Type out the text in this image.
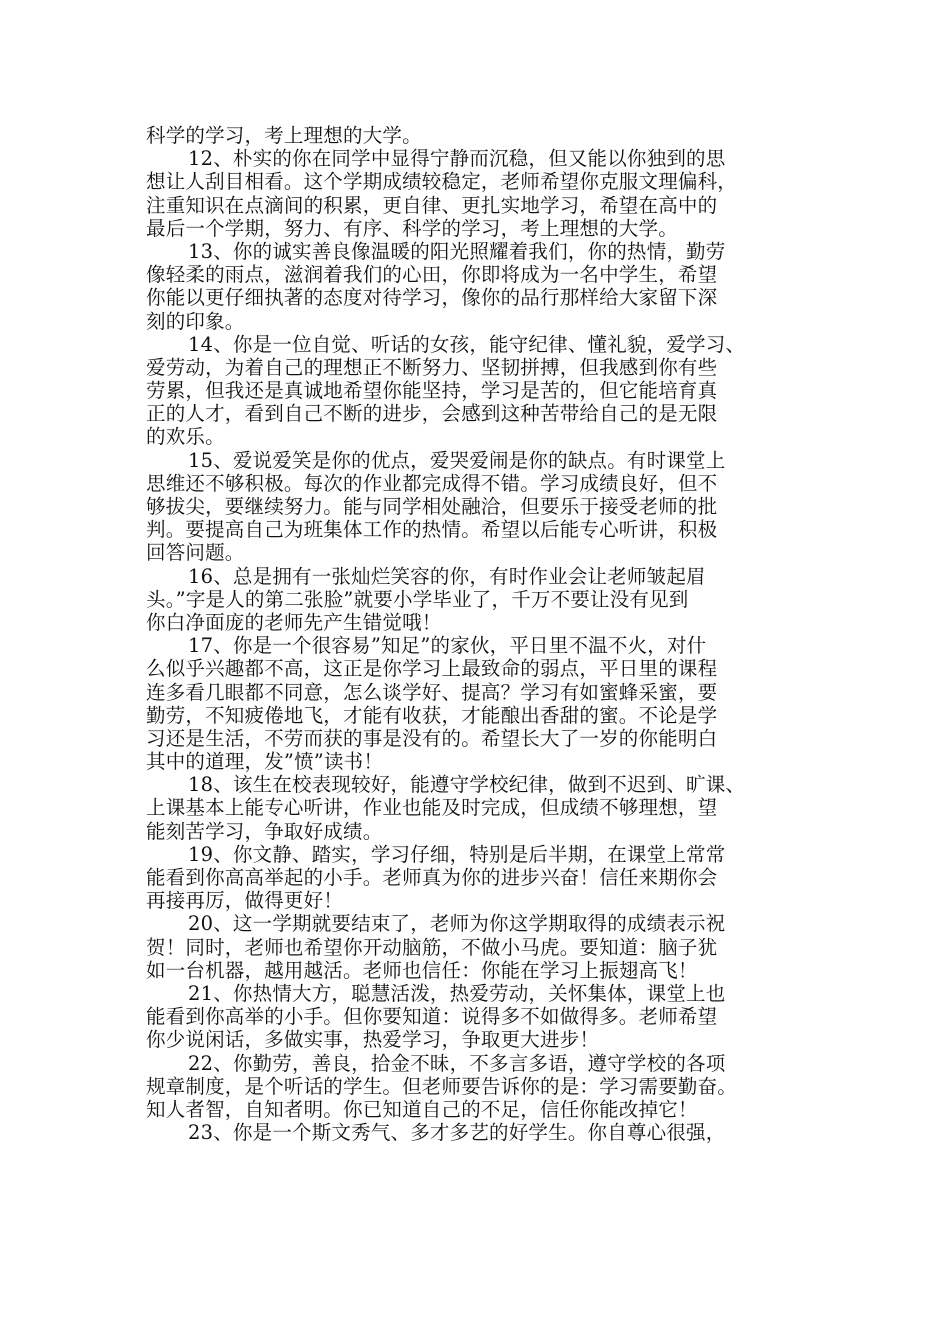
科学的学习，考上理想的大学。
12、朴实的你在同学中显得宁静而沉稳，但又能以你独到的思
想让人刮目相看。这个学期成绩较稳定，老师希望你克服文理偏科，
注重知识在点滴间的积累，更自律、更扎实地学习，希望在高中的
最后一个学期，努力、有序、科学的学习，考上理想的大学。
13、你的诚实善良像温暖的阳光照耀着我们，你的热情，勤劳
像轻柔的雨点，滋润着我们的心田，你即将成为一名中学生，希望
你能以更仔细执著的态度对待学习，像你的品行那样给大家留下深
刻的印象。
14、你是一位自觉、听话的女孩，能守纪律、懂礼貌，爱学习、
爱劳动，为着自己的理想正不断努力、坚韧拼搏，但我感到你有些
劳累，但我还是真诚地希望你能坚持，学习是苦的，但它能培育真
正的人才，看到自己不断的进步，会感到这种苦带给自己的是无限
的欢乐。
15、爱说爱笑是你的优点，爱哭爱闹是你的缺点。有时课堂上
思维还不够积极。每次的作业都完成得不错。学习成绩良好，但不
够拔尖，要继续努力。能与同学相处融洽，但要乐于接受老师的批
判。要提高自己为班集体工作的热情。希望以后能专心听讲，积极
回答问题。
16、总是拥有一张灿烂笑容的你，有时作业会让老师皱起眉
头。”字是人的第二张脸”就要小学毕业了，千万不要让没有见到
你白净面庞的老师先产生错觉哦！
17、你是一个很容易”知足”的家伙，平日里不温不火，对什
么似乎兴趣都不高，这正是你学习上最致命的弱点，平日里的课程
连多看几眼都不同意，怎么谈学好、提高？学习有如蜜蜂采蜜，要
勤劳，不知疲倦地飞，才能有收获，才能酿出香甜的蜜。不论是学
习还是生活，不劳而获的事是没有的。希望长大了一岁的你能明白
其中的道理，发”愤”读书！
18、该生在校表现较好，能遵守学校纪律，做到不迟到、旷课、
上课基本上能专心听讲，作业也能及时完成，但成绩不够理想，望
能刻苦学习，争取好成绩。
19、你文静、踏实，学习仔细，特别是后半期，在课堂上常常
能看到你高高举起的小手。老师真为你的进步兴奋！信任来期你会
再接再厉，做得更好！
20、这一学期就要结束了，老师为你这学期取得的成绩表示祝
贺！同时，老师也希望你开动脑筋，不做小马虎。要知道：脑子犹
如一台机器，越用越活。老师也信任：你能在学习上振翅高飞！
21、你热情大方，聪慧活泼，热爱劳动，关怀集体，课堂上也
能看到你高举的小手。但你要知道：说得多不如做得多。老师希望
你少说闲话，多做实事，热爱学习，争取更大进步！
22、你勤劳，善良，拾金不昧，不多言多语，遵守学校的各项
规章制度，是个听话的学生。但老师要告诉你的是：学习需要勤奋。
知人者智，自知者明。你已知道自己的不足，信任你能改掉它！
23、你是一个斯文秀气、多才多艺的好学生。你自尊心很强，
